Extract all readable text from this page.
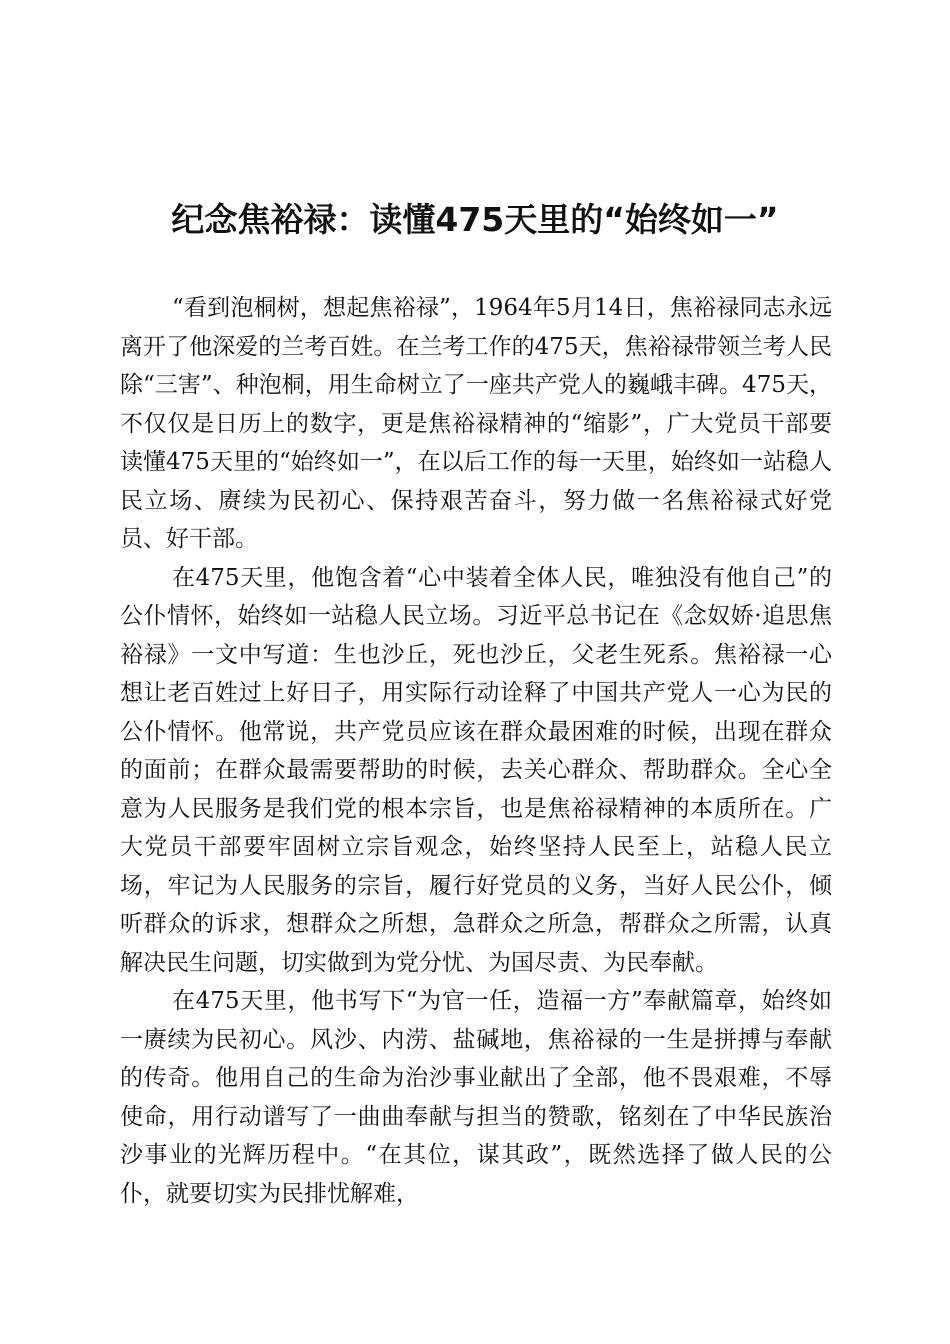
纪念焦裕禄：读懂475天里的“始终如一”

“看到泡桐树，想起焦裕禄”，1964年5月14日，焦裕禄同志永远离开了他深爱的兰考百姓。在兰考工作的475天，焦裕禄带领兰考人民除“三害”、种泡桐，用生命树立了一座共产党人的巍峨丰碑。475天，不仅仅是日历上的数字，更是焦裕禄精神的“缩影”，广大党员干部要读懂475天里的“始终如一”，在以后工作的每一天里，始终如一站稳人民立场、赓续为民初心、保持艰苦奋斗，努力做一名焦裕禄式好党员、好干部。

在475天里，他饱含着“心中装着全体人民，唯独没有他自己”的公仆情怀，始终如一站稳人民立场。习近平总书记在《念奴娇·追思焦裕禄》一文中写道：生也沙丘，死也沙丘，父老生死系。焦裕禄一心想让老百姓过上好日子，用实际行动诠释了中国共产党人一心为民的公仆情怀。他常说，共产党员应该在群众最困难的时候，出现在群众的面前；在群众最需要帮助的时候，去关心群众、帮助群众。全心全意为人民服务是我们党的根本宗旨，也是焦裕禄精神的本质所在。广大党员干部要牢固树立宗旨观念，始终坚持人民至上，站稳人民立场，牢记为人民服务的宗旨，履行好党员的义务，当好人民公仆，倾听群众的诉求，想群众之所想，急群众之所急，帮群众之所需，认真解决民生问题，切实做到为党分忧、为国尽责、为民奉献。

在475天里，他书写下“为官一任，造福一方”奉献篇章，始终如一赓续为民初心。风沙、内涝、盐碱地，焦裕禄的一生是拼搏与奉献的传奇。他用自己的生命为治沙事业献出了全部，他不畏艰难，不辱使命，用行动谱写了一曲曲奉献与担当的赞歌，铭刻在了中华民族治沙事业的光辉历程中。“在其位，谋其政”，既然选择了做人民的公仆，就要切实为民排忧解难，
